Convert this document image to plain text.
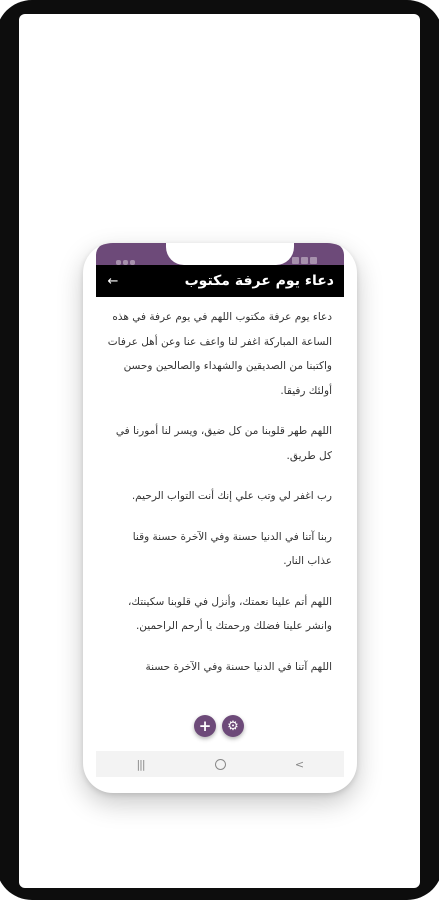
←	دعاء يوم عرفة مكتوب

دعاء يوم عرفة مكتوب اللهم في يوم عرفة في هذه الساعة المباركة اغفر لنا واعف عنا وعن أهل عرفات واكتبنا من الصديقين والشهداء والصالحين وحسن أولئك رفيقا.

اللهم طهر قلوبنا من كل ضيق، ويسر لنا أمورنا في كل طريق.

رب اغفر لي وتب علي إنك أنت التواب الرحيم.

ربنا آتنا في الدنيا حسنة وفي الآخرة حسنة وقنا عذاب النار.

اللهم أتم علينا نعمتك، وأنزل في قلوبنا سكينتك، وانشر علينا فضلك ورحمتك يا أرحم الراحمين.

اللهم آتنا في الدنيا حسنة وفي الآخرة حسنة

+ ⚙
|||	<
